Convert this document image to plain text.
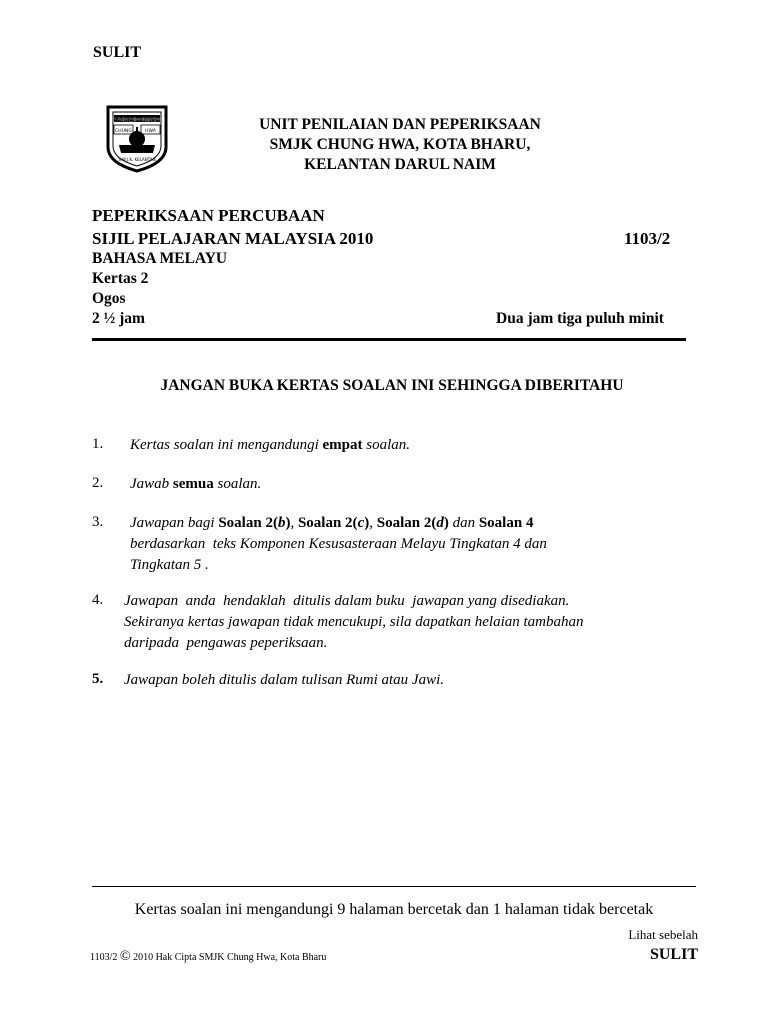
SULIT
吉兰丹哥打巴鲁中华国民型中学
CHUNG	HWA
S.M.J.K. KELANTAN
UNIT PENILAIAN DAN PEPERIKSAAN
SMJK CHUNG HWA, KOTA BHARU,
KELANTAN DARUL NAIM
PEPERIKSAAN PERCUBAAN
SIJIL PELAJARAN MALAYSIA 2010	1103/2
BAHASA MELAYU
Kertas 2
Ogos
2 ½ jam	Dua jam tiga puluh minit
JANGAN BUKA KERTAS SOALAN INI SEHINGGA DIBERITAHU
1. Kertas soalan ini mengandungi empat soalan.
2. Jawab semua soalan.
3. Jawapan bagi Soalan 2(b), Soalan 2(c), Soalan 2(d) dan Soalan 4
berdasarkan  teks Komponen Kesusasteraan Melayu Tingkatan 4 dan
Tingkatan 5 .
4. Jawapan  anda  hendaklah  ditulis dalam buku  jawapan yang disediakan.
Sekiranya kertas jawapan tidak mencukupi, sila dapatkan helaian tambahan
daripada  pengawas peperiksaan.
5. Jawapan boleh ditulis dalam tulisan Rumi atau Jawi.
Kertas soalan ini mengandungi 9 halaman bercetak dan 1 halaman tidak bercetak
Lihat sebelah
1103/2 © 2010 Hak Cipta SMJK Chung Hwa, Kota Bharu	SULIT
